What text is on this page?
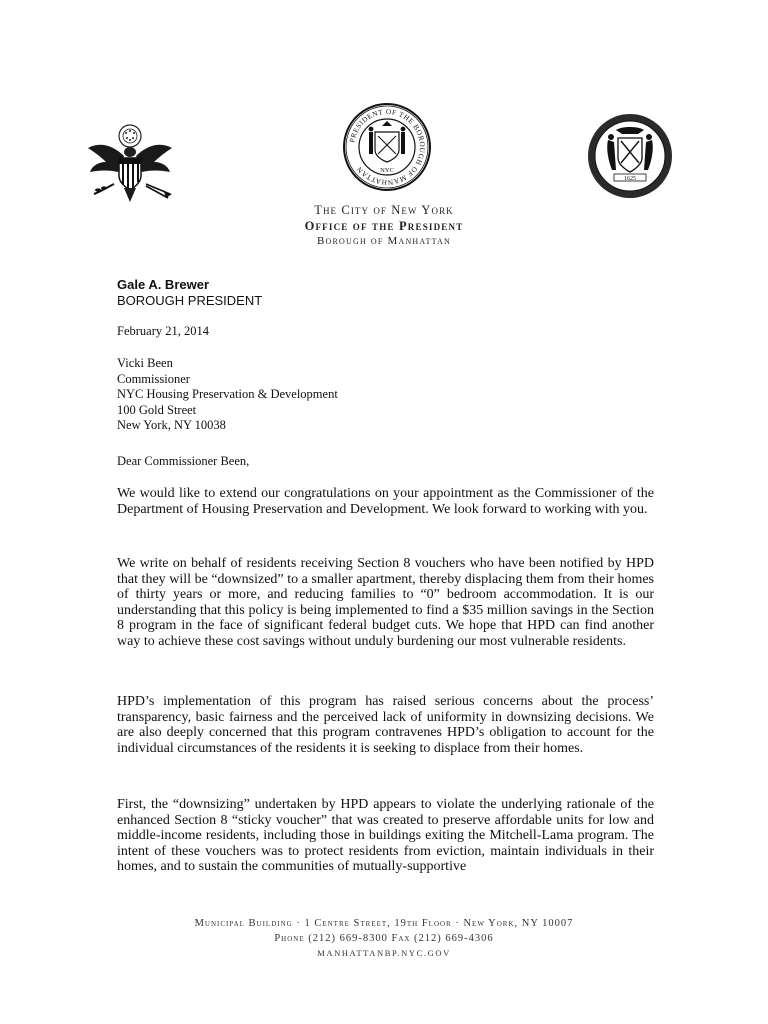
PRESIDENT OF THE BOROUGH OF MANHATTAN	NYC
1625
The City of New York
Office of the President
Borough of Manhattan
Gale A. Brewer
BOROUGH PRESIDENT
February 21, 2014
Vicki Been
Commissioner
NYC Housing Preservation & Development
100 Gold Street
New York, NY 10038
Dear Commissioner Been,
We would like to extend our congratulations on your appointment as the Commissioner of the Department of Housing Preservation and Development. We look forward to working with you.
We write on behalf of residents receiving Section 8 vouchers who have been notified by HPD that they will be “downsized” to a smaller apartment, thereby displacing them from their homes of thirty years or more, and reducing families to “0” bedroom accommodation. It is our understanding that this policy is being implemented to find a $35 million savings in the Section 8 program in the face of significant federal budget cuts. We hope that HPD can find another way to achieve these cost savings without unduly burdening our most vulnerable residents.
HPD’s implementation of this program has raised serious concerns about the process’ transparency, basic fairness and the perceived lack of uniformity in downsizing decisions. We are also deeply concerned that this program contravenes HPD’s obligation to account for the individual circumstances of the residents it is seeking to displace from their homes.
First, the “downsizing” undertaken by HPD appears to violate the underlying rationale of the enhanced Section 8 “sticky voucher” that was created to preserve affordable units for low and middle-income residents, including those in buildings exiting the Mitchell-Lama program. The intent of these vouchers was to protect residents from eviction, maintain individuals in their homes, and to sustain the communities of mutually-supportive
Municipal Building · 1 Centre Street, 19th Floor · New York, NY 10007
Phone (212) 669-8300 Fax (212) 669-4306
MANHATTANBP.NYC.GOV
